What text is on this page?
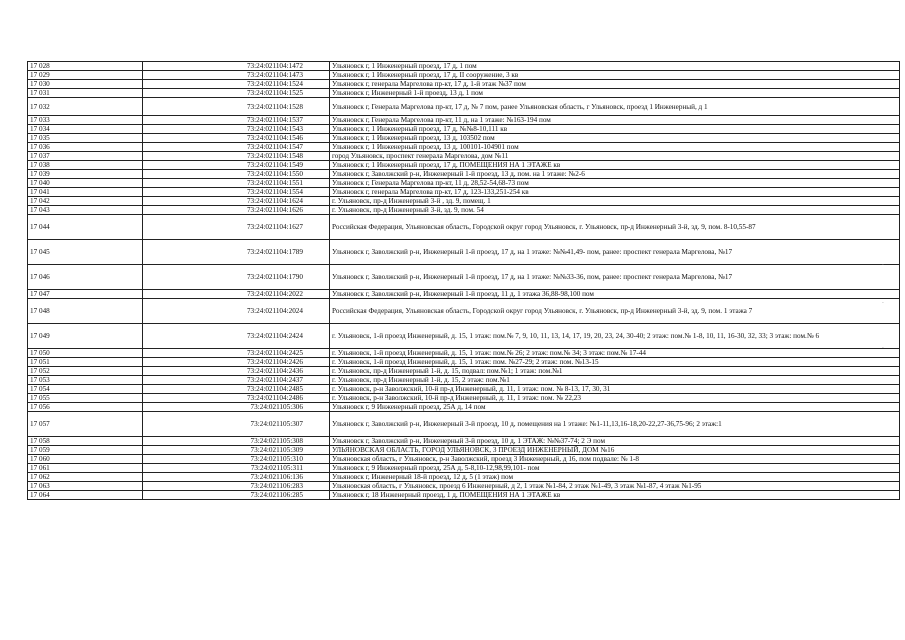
17 028	73:24:021104:1472	Ульяновск г, 1 Инженерный проезд, 17 д, 1 пом
17 029	73:24:021104:1473	Ульяновск г, 1 Инженерный проезд, 17 д, II сооружение, 3 кв
17 030	73:24:021104:1524	Ульяновск г, генерала Маргелова пр-кт, 17 д, 1-й этаж №37 пом
17 031	73:24:021104:1525	Ульяновск г, Инженерный 1-й проезд, 13 д, 1 пом
17 032	73:24:021104:1528	Ульяновск г, Генерала Маргелова пр-кт, 17 д, № 7 пом, ранее Ульяновская область, г Ульяновск, проезд 1 Инженерный, д 1
17 033	73:24:021104:1537	Ульяновск г, Генерала Маргелова пр-кт, 11 д, на 1 этаже: №163-194 пом
17 034	73:24:021104:1543	Ульяновск г, 1 Инженерный проезд, 17 д, №№8-10,111 кв
17 035	73:24:021104:1546	Ульяновск г, 1 Инженерный проезд, 13 д, 103502 пом
17 036	73:24:021104:1547	Ульяновск г, 1 Инженерный проезд, 13 д, 100101-104901 пом
17 037	73:24:021104:1548	город Ульяновск, проспект генерала Маргелова, дом №11
17 038	73:24:021104:1549	Ульяновск г, 1 Инженерный проезд, 17 д, ПОМЕЩЕНИЯ НА 1 ЭТАЖЕ кв
17 039	73:24:021104:1550	Ульяновск г, Заволжский р-н, Инженерный 1-й проезд, 13 д, пом. на 1 этаже: №2-6
17 040	73:24:021104:1551	Ульяновск г, Генерала Маргелова пр-кт, 11 д, 28,52-54,68-73 пом
17 041	73:24:021104:1554	Ульяновск г, генерала Маргелова пр-кт, 17 д, 123-133,251-254 кв
17 042	73:24:021104:1624	г. Ульяновск, пр-д Инженерный 3-й , зд. 9, помещ. 1
17 043	73:24:021104:1626	г. Ульяновск, пр-д Инженерный 3-й, зд. 9, пом. 54
17 044	73:24:021104:1627	Российская Федерация, Ульяновская область, Городской округ город Ульяновск, г. Ульяновск, пр-д Инженерный 3-й, зд. 9, пом. 8-10,55-87
17 045	73:24:021104:1789	Ульяновск г, Заволжский р-н, Инженерный 1-й проезд, 17 д, на 1 этаже: №№41,49- пом, ранее: проспект генерала Маргелова, №17
17 046	73:24:021104:1790	Ульяновск г, Заволжский р-н, Инженерный 1-й проезд, 17 д, на 1 этаже: №№33-36, пом, ранее: проспект генерала Маргелова, №17
17 047	73:24:021104:2022	Ульяновск г, Заволжский р-н, Инженерный 1-й проезд, 11 д, 1 этажа 36,88-98,100 пом
17 048	73:24:021104:2024	Российская Федерация, Ульяновская область, Городской округ город Ульяновск, г. Ульяновск, пр-д Инженерный 3-й, зд. 9, пом. 1 этажа 7
17 049	73:24:021104:2424	г. Ульяновск, 1-й проезд Инженерный, д. 15, 1 этаж: пом.№ 7, 9, 10, 11, 13, 14, 17, 19, 20, 23, 24, 30-40; 2 этаж: пом.№ 1-8, 10, 11, 16-30, 32, 33; 3 этаж: пом.№ 6
17 050	73:24:021104:2425	г. Ульяновск, 1-й проезд Инженерный, д. 15, 1 этаж: пом.№ 26; 2 этаж: пом.№ 34; 3 этаж: пом.№ 17-44
17 051	73:24:021104:2426	г. Ульяновск, 1-й проезд Инженерный, д. 15, 1 этаж: пом. №27-29; 2 этаж: пом. №13-15
17 052	73:24:021104:2436	г. Ульяновск, пр-д Инженерный 1-й, д. 15, подвал: пом.№1; 1 этаж: пом.№1
17 053	73:24:021104:2437	г. Ульяновск, пр-д Инженерный 1-й, д. 15, 2 этаж: пом.№1
17 054	73:24:021104:2485	г. Ульяновск, р-н Заволжский, 10-й пр-д Инженерный, д. 11, 1 этаж: пом. № 8-13, 17, 30, 31
17 055	73:24:021104:2486	г. Ульяновск, р-н Заволжский, 10-й пр-д Инженерный, д. 11, 1 этаж: пом. № 22,23
17 056	73:24:021105:306	Ульяновск г, 9 Инженерный проезд, 25А д, 14 пом
17 057	73:24:021105:307	Ульяновск г, Заволжский р-н, Инженерный 3-й проезд, 10 д, помещения на 1 этаже: №1-11,13,16-18,20-22,27-36,75-96; 2 этаж:1
17 058	73:24:021105:308	Ульяновск г, Заволжский р-н, Инженерный 3-й проезд, 10 д, 1 ЭТАЖ: №№37-74; 2 Э пом
17 059	73:24:021105:309	УЛЬЯНОВСКАЯ ОБЛАСТЬ, ГОРОД УЛЬЯНОВСК, 3 ПРОЕЗД ИНЖЕНЕРНЫЙ, ДОМ №16
17 060	73:24:021105:310	Ульяновская область, г Ульяновск, р-н Заволжский, проезд 3 Инженерный, д 16, пом подвале: № 1-8
17 061	73:24:021105:311	Ульяновск г, 9 Инженерный проезд, 25А д, 5-8,10-12,98,99,101- пом
17 062	73:24:021106:136	Ульяновск г, Инженерный 18-й проезд, 12 д, 5 (1 этаж) пом
17 063	73:24:021106:283	Ульяновская область, г Ульяновск, проезд 6 Инженерный, д 2, 1 этаж №1-84, 2 этаж №1-49, 3 этаж №1-87, 4 этаж №1-95
17 064	73:24:021106:285	Ульяновск г, 18 Инженерный проезд, 1 д, ПОМЕЩЕНИЯ НА 1 ЭТАЖЕ кв
·
·
·
